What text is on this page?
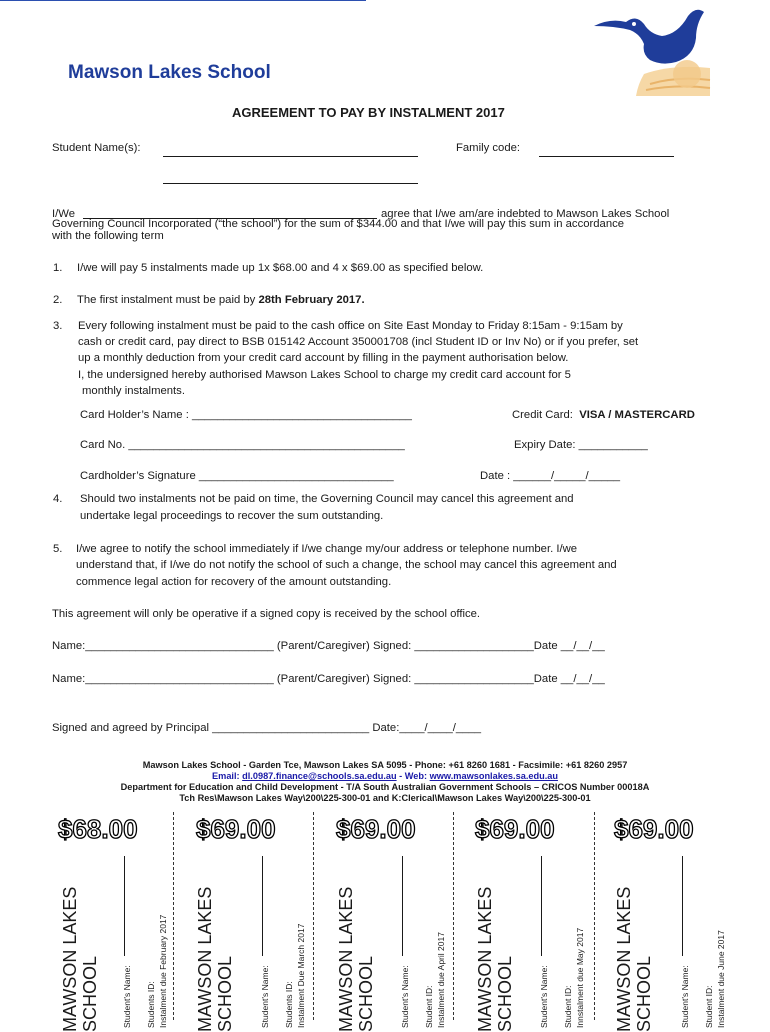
Mawson Lakes School
AGREEMENT TO PAY BY INSTALMENT 2017
Student Name(s):	Family code:
I/We	agree that I/we am/are indebted to Mawson Lakes School
Governing Council Incorporated (“the school”) for the sum of $344.00 and that I/we will pay this sum in accordance
with the following term
1. I/we will pay 5 instalments made up 1x $68.00 and 4 x $69.00 as specified below.
2. The first instalment must be paid by 28th February 2017.
3. Every following instalment must be paid to the cash office on Site East Monday to Friday 8:15am - 9:15am by
cash or credit card, pay direct to BSB 015142 Account 350001708 (incl Student ID or Inv No) or if you prefer, set
up a monthly deduction from your credit card account by filling in the payment authorisation below.
I, the undersigned hereby authorised Mawson Lakes School to charge my credit card account for 5
monthly instalments.
Card Holder’s Name : ___________________________________	Credit Card: VISA / MASTERCARD
Card No. ____________________________________________	Expiry Date: ___________
Cardholder’s Signature _______________________________	Date : ______/_____/_____
4. Should two instalments not be paid on time, the Governing Council may cancel this agreement and
undertake legal proceedings to recover the sum outstanding.
5. I/we agree to notify the school immediately if I/we change my/our address or telephone number. I/we
understand that, if I/we do not notify the school of such a change, the school may cancel this agreement and
commence legal action for recovery of the amount outstanding.
This agreement will only be operative if a signed copy is received by the school office.
Name:______________________________ (Parent/Caregiver) Signed: ___________________Date __/__/__
Name:______________________________ (Parent/Caregiver) Signed: ___________________Date __/__/__
Signed and agreed by Principal _________________________ Date:____/____/____
Mawson Lakes School - Garden Tce, Mawson Lakes SA 5095 - Phone: +61 8260 1681 - Facsimile: +61 8260 2957
Email: dl.0987.finance@schools.sa.edu.au - Web: www.mawsonlakes.sa.edu.au
Department for Education and Child Development - T/A South Australian Government Schools – CRICOS Number 00018A
Tch Res\Mawson Lakes Way\200\225-300-01 and K:Clerical\Mawson Lakes Way\200\225-300-01
$68.00
MAWSON LAKES SCHOOL	Student’s Name: Students ID: Instalment due February 2017
$69.00
MAWSON LAKES SCHOOL	Student’s Name: Students ID: Instalment Due March 2017
$69.00
MAWSON LAKES SCHOOL	Student’s Name: Student ID: Instalment due April 2017
$69.00
MAWSON LAKES SCHOOL	Student’s Name: Student ID: Innstalment due May 2017
$69.00
MAWSON LAKES SCHOOL	Student’s Name: Student ID: Instalment due June 2017
